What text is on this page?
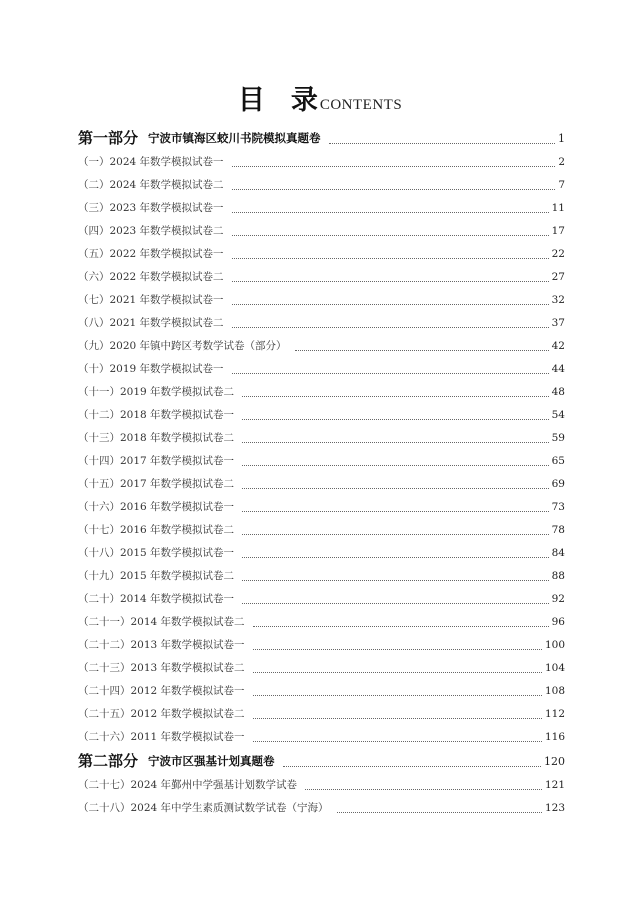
目 录 CONTENTS
第一部分 宁波市镇海区蛟川书院模拟真题卷	1
（一）2024 年数学模拟试卷一	2
（二）2024 年数学模拟试卷二	7
（三）2023 年数学模拟试卷一	11
（四）2023 年数学模拟试卷二	17
（五）2022 年数学模拟试卷一	22
（六）2022 年数学模拟试卷二	27
（七）2021 年数学模拟试卷一	32
（八）2021 年数学模拟试卷二	37
（九）2020 年镇中跨区考数学试卷（部分）	42
（十）2019 年数学模拟试卷一	44
（十一）2019 年数学模拟试卷二	48
（十二）2018 年数学模拟试卷一	54
（十三）2018 年数学模拟试卷二	59
（十四）2017 年数学模拟试卷一	65
（十五）2017 年数学模拟试卷二	69
（十六）2016 年数学模拟试卷一	73
（十七）2016 年数学模拟试卷二	78
（十八）2015 年数学模拟试卷一	84
（十九）2015 年数学模拟试卷二	88
（二十）2014 年数学模拟试卷一	92
（二十一）2014 年数学模拟试卷二	96
（二十二）2013 年数学模拟试卷一	100
（二十三）2013 年数学模拟试卷二	104
（二十四）2012 年数学模拟试卷一	108
（二十五）2012 年数学模拟试卷二	112
（二十六）2011 年数学模拟试卷一	116
第二部分 宁波市区强基计划真题卷	120
（二十七）2024 年鄞州中学强基计划数学试卷	121
（二十八）2024 年中学生素质测试数学试卷（宁海）	123
